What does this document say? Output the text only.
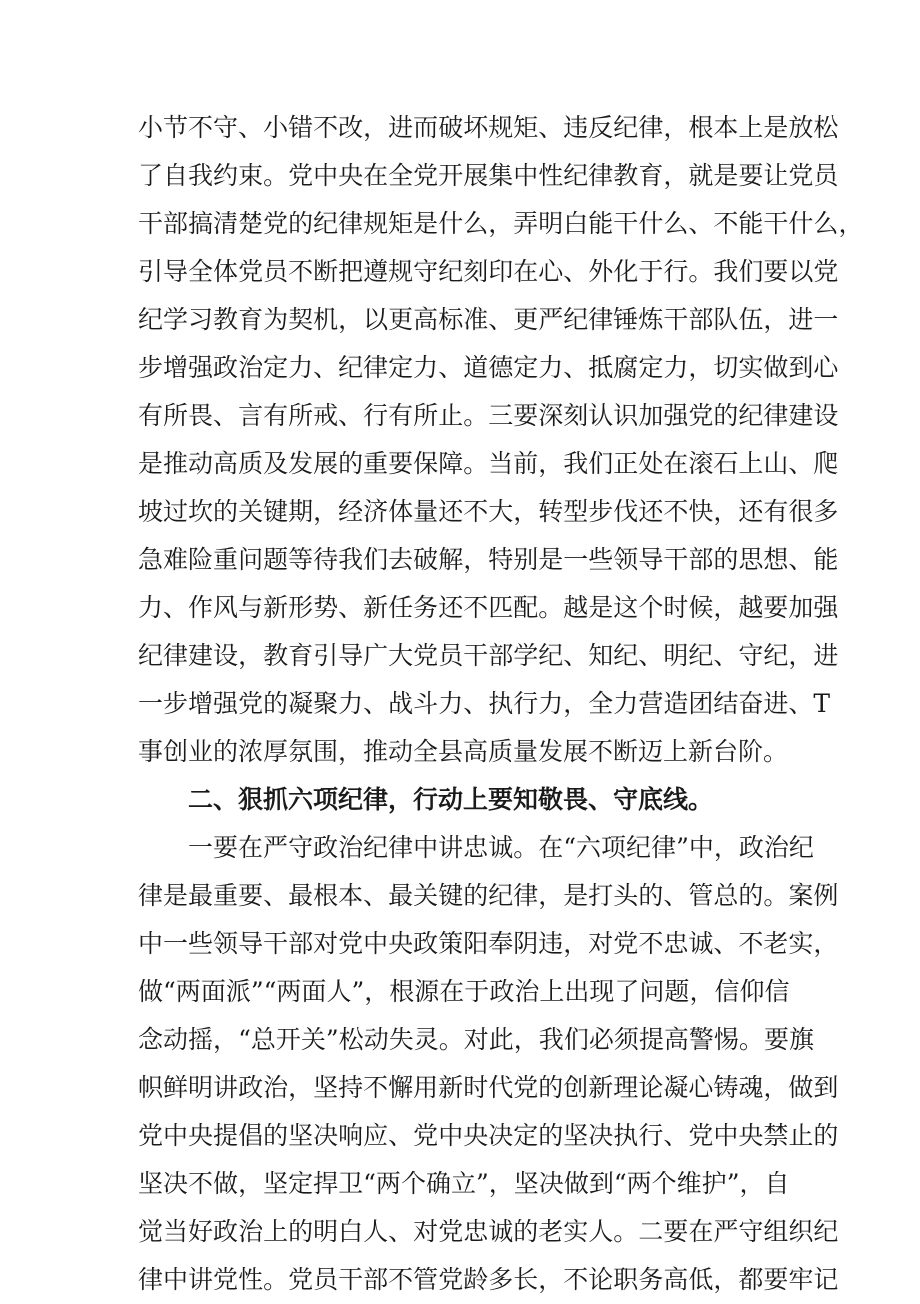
小 节 不 守 、 小 错 不 改 ， 进 而 破 坏 规 矩 、 违 反 纪 律 ， 根 本 上 是 放 松
了 自 我 约 束 。 党 中 央 在 全 党 开 展 集 中 性 纪 律 教 育 ， 就 是 要 让 党 员
干 部 搞 清 楚 党 的 纪 律 规 矩 是 什 么 ， 弄 明 白 能 干 什 么 、 不 能 干 什 么 ，
引 导 全 体 党 员 不 断 把 遵 规 守 纪 刻 印 在 心 、 外 化 于 行 。 我 们 要 以 党
纪 学 习 教 育 为 契 机 ， 以 更 高 标 准 、 更 严 纪 律 锤 炼 干 部 队 伍 ， 进 一
步 增 强 政 治 定 力 、 纪 律 定 力 、 道 德 定 力 、 抵 腐 定 力 ， 切 实 做 到 心
有 所 畏 、 言 有 所 戒 、 行 有 所 止 。 三 要 深 刻 认 识 加 强 党 的 纪 律 建 设
是 推 动 高 质 及 发 展 的 重 要 保 障 。 当 前 ， 我 们 正 处 在 滚 石 上 山 、 爬
坡 过 坎 的 关 键 期 ， 经 济 体 量 还 不 大 ， 转 型 步 伐 还 不 快 ， 还 有 很 多
急 难 险 重 问 题 等 待 我 们 去 破 解 ， 特 别 是 一 些 领 导 干 部 的 思 想 、 能
力 、 作 风 与 新 形 势 、 新 任 务 还 不 匹 配 。 越 是 这 个 时 候 ， 越 要 加 强
纪 律 建 设 ， 教 育 引 导 广 大 党 员 干 部 学 纪 、 知 纪 、 明 纪 、 守 纪 ， 进
一 步 增 强 党 的 凝 聚 力 、 战 斗 力 、 执 行 力 ， 全 力 营 造 团 结 奋 进 、 T
事创业的浓厚氛围，推动全县高质量发展不断迈上新台阶。
二、狠抓六项纪律，行动上要知敬畏、守底线。
一 要 在 严 守 政 治 纪 律 中 讲 忠 诚 。 在 “ 六 项 纪 律 ” 中 ， 政 治 纪
律 是 最 重 要 、 最 根 本 、 最 关 键 的 纪 律 ， 是 打 头 的 、 管 总 的 。 案 例
中 一 些 领 导 干 部 对 党 中 央 政 策 阳 奉 阴 违 ， 对 党 不 忠 诚 、 不 老 实 ，
做 “ 两 面 派 ” “ 两 面 人 ” ， 根 源 在 于 政 治 上 出 现 了 问 题 ， 信 仰 信
念 动 摇 ， “ 总 开 关 ” 松 动 失 灵 。 对 此 ， 我 们 必 须 提 高 警 惕 。 要 旗
帜 鲜 明 讲 政 治 ， 坚 持 不 懈 用 新 时 代 党 的 创 新 理 论 凝 心 铸 魂 ， 做 到
党 中 央 提 倡 的 坚 决 响 应 、 党 中 央 决 定 的 坚 决 执 行 、 党 中 央 禁 止 的
坚 决 不 做 ， 坚 定 捍 卫 “ 两 个 确 立 ” ， 坚 决 做 到 “ 两 个 维 护 ” ， 自
觉 当 好 政 治 上 的 明 白 人 、 对 党 忠 诚 的 老 实 人 。 二 要 在 严 守 组 织 纪
律 中 讲 党 性 。 党 员 干 部 不 管 党 龄 多 长 ， 不 论 职 务 高 低 ， 都 要 牢 记
